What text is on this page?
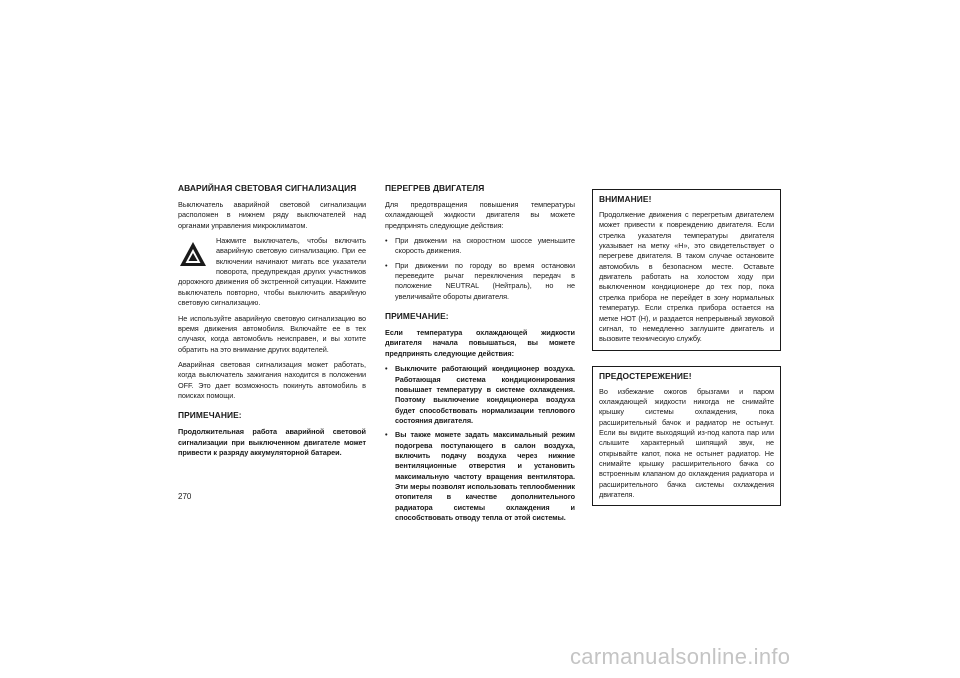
АВАРИЙНАЯ СВЕТОВАЯ СИГНАЛИЗАЦИЯ

Выключатель аварийной световой сигнализации расположен в нижнем ряду выключателей над органами управления микроклиматом.

Нажмите выключатель, чтобы включить аварийную световую сигнализацию. При ее включении начинают мигать все указатели поворота, предупреждая других участников дорожного движения об экстренной ситуации. Нажмите выключатель повторно, чтобы выключить аварийную световую сигнализацию.

Не используйте аварийную световую сигнализацию во время движения автомобиля. Включайте ее в тех случаях, когда автомобиль неисправен, и вы хотите обратить на это внимание других водителей.

Аварийная световая сигнализация может работать, когда выключатель зажигания находится в положении OFF. Это дает возможность покинуть автомобиль в поисках помощи.

ПРИМЕЧАНИЕ:

Продолжительная работа аварийной световой сигнализации при выключенном двигателе может привести к разряду аккумуляторной батареи.

ПЕРЕГРЕВ ДВИГАТЕЛЯ

Для предотвращения повышения температуры охлаждающей жидкости двигателя вы можете предпринять следующие действия:

• При движении на скоростном шоссе уменьшите скорость движения.
• При движении по городу во время остановки переведите рычаг переключения передач в положение NEUTRAL (Нейтраль), но не увеличивайте обороты двигателя.
ПРИМЕЧАНИЕ:

Если температура охлаждающей жидкости двигателя начала повышаться, вы можете предпринять следующие действия:

• Выключите работающий кондиционер воздуха. Работающая система кондиционирования повышает температуру в системе охлаждения. Поэтому выключение кондиционера воздуха будет способствовать нормализации теплового состояния двигателя.
• Вы также можете задать максимальный режим подогрева поступающего в салон воздуха, включить подачу воздуха через нижние вентиляционные отверстия и установить максимальную частоту вращения вентилятора. Эти меры позволят использовать теплообменник отопителя в качестве дополнительного радиатора системы охлаждения и способствовать отводу тепла от этой системы.
ВНИМАНИЕ!

Продолжение движения с перегретым двигателем может привести к повреждению двигателя. Если стрелка указателя температуры двигателя указывает на метку «H», это свидетельствует о перегреве двигателя. В таком случае остановите автомобиль в безопасном месте. Оставьте двигатель работать на холостом ходу при выключенном кондиционере до тех пор, пока стрелка прибора не перейдет в зону нормальных температур. Если стрелка прибора остается на метке HOT (H), и раздается непрерывный звуковой сигнал, то немедленно заглушите двигатель и вызовите техническую службу.

ПРЕДОСТЕРЕЖЕНИЕ!

Во избежание ожогов брызгами и паром охлаждающей жидкости никогда не снимайте крышку системы охлаждения, пока расширительный бачок и радиатор не остынут. Если вы видите выходящий из-под капота пар или слышите характерный шипящий звук, не открывайте капот, пока не остынет радиатор. Не снимайте крышку расширительного бачка со встроенным клапаном до охлаждения радиатора и расширительного бачка системы охлаждения двигателя.

270
carmanualsonline.info
